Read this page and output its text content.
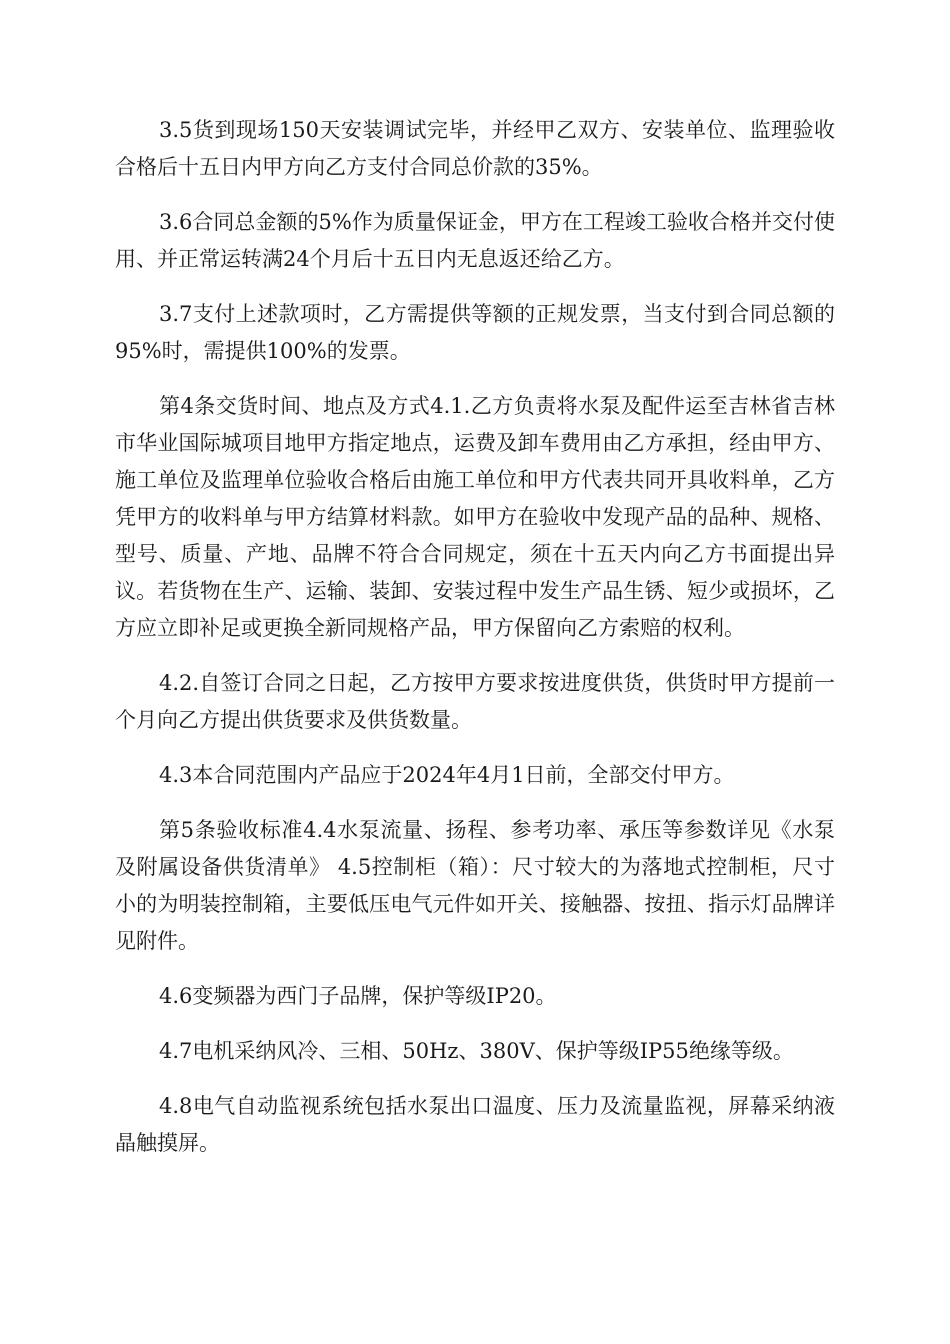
3.5货到现场150天安装调试完毕，并经甲乙双方、安装单位、监理验收合格后十五日内甲方向乙方支付合同总价款的35%。

3.6合同总金额的5%作为质量保证金，甲方在工程竣工验收合格并交付使用、并正常运转满24个月后十五日内无息返还给乙方。

3.7支付上述款项时，乙方需提供等额的正规发票，当支付到合同总额的95%时，需提供100%的发票。

第4条交货时间、地点及方式4.1.乙方负责将水泵及配件运至吉林省吉林市华业国际城项目地甲方指定地点，运费及卸车费用由乙方承担，经由甲方、施工单位及监理单位验收合格后由施工单位和甲方代表共同开具收料单，乙方凭甲方的收料单与甲方结算材料款。如甲方在验收中发现产品的品种、规格、型号、质量、产地、品牌不符合合同规定，须在十五天内向乙方书面提出异议。若货物在生产、运输、装卸、安装过程中发生产品生锈、短少或损坏，乙方应立即补足或更换全新同规格产品，甲方保留向乙方索赔的权利。

4.2.自签订合同之日起，乙方按甲方要求按进度供货，供货时甲方提前一个月向乙方提出供货要求及供货数量。

4.3本合同范围内产品应于2024年4月1日前，全部交付甲方。

第5条验收标准4.4水泵流量、扬程、参考功率、承压等参数详见《水泵及附属设备供货清单》 4.5控制柜（箱）：尺寸较大的为落地式控制柜，尺寸小的为明装控制箱，主要低压电气元件如开关、接触器、按扭、指示灯品牌详见附件。

4.6变频器为西门子品牌，保护等级IP20。

4.7电机采纳风冷、三相、50Hz、380V、保护等级IP55绝缘等级。

4.8电气自动监视系统包括水泵出口温度、压力及流量监视，屏幕采纳液晶触摸屏。
